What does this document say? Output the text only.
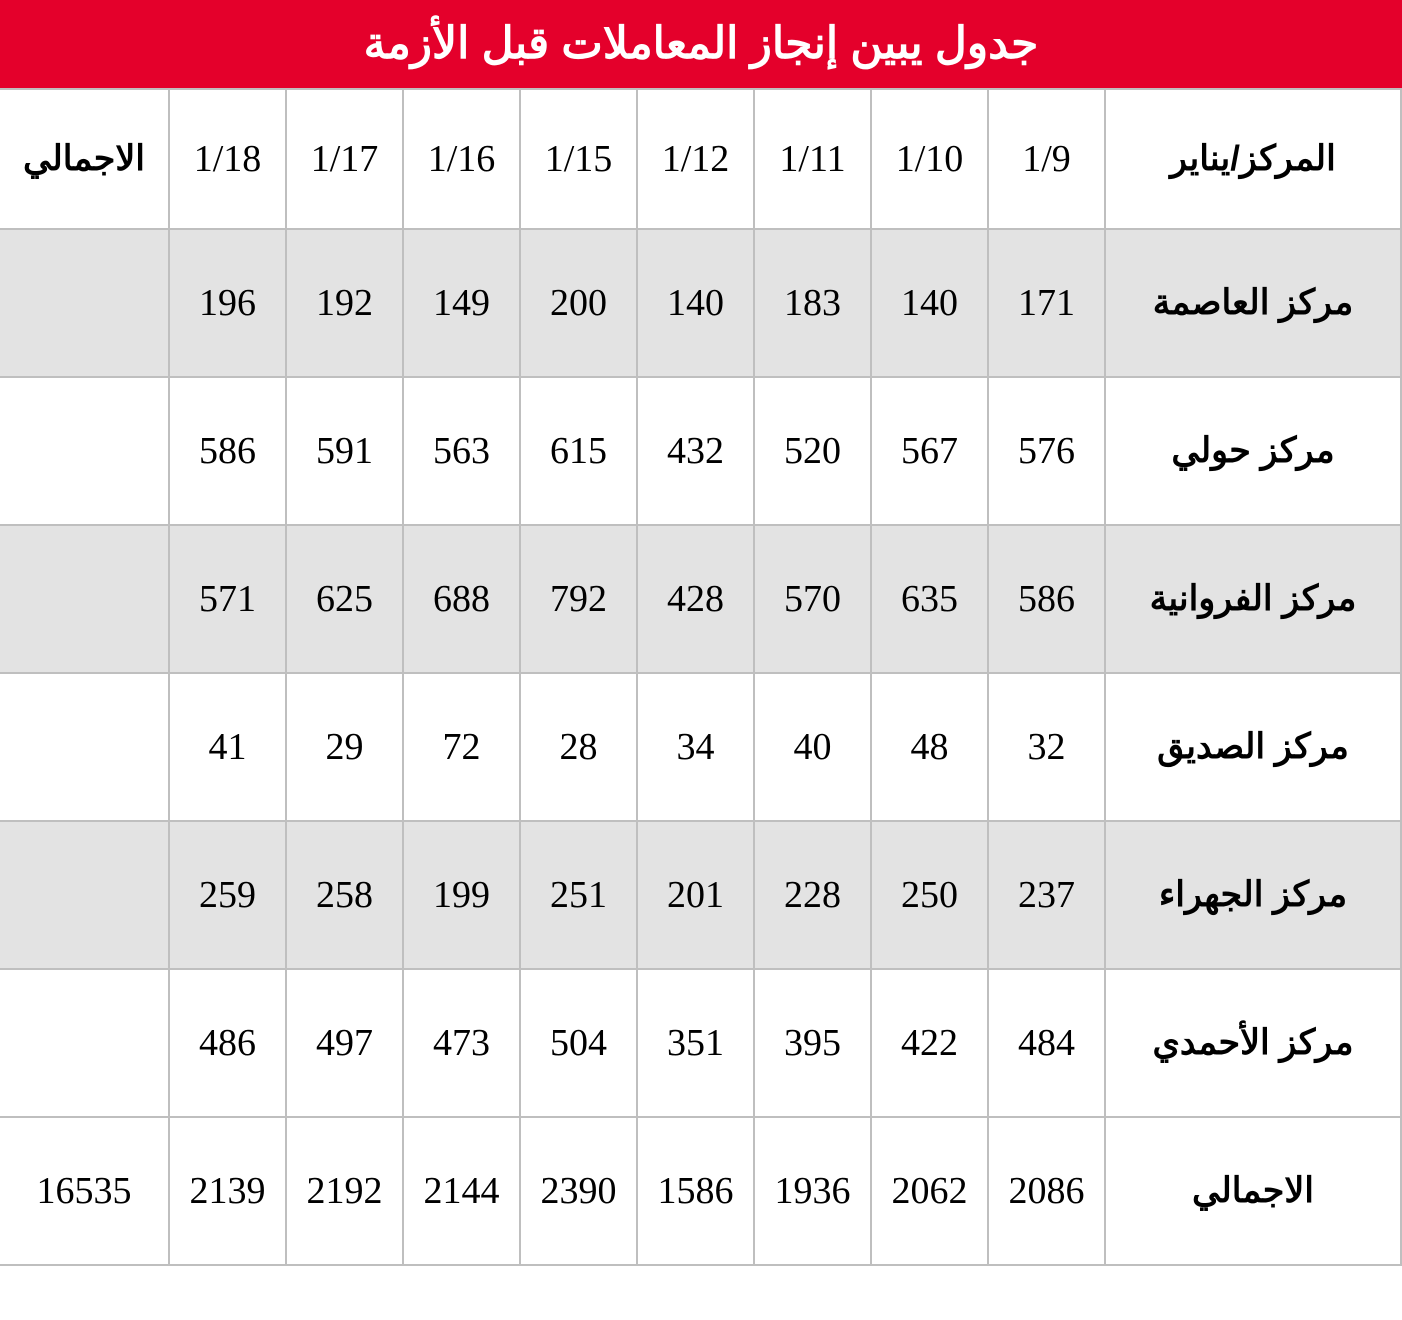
جدول يبين إنجاز المعاملات قبل الأزمة
المركز/يناير	1/9	1/10	1/11	1/12	1/15	1/16	1/17	1/18	الاجمالي
مركز العاصمة	171	140	183	140	200	149	192	196	
مركز حولي	576	567	520	432	615	563	591	586	
مركز الفروانية	586	635	570	428	792	688	625	571	
مركز الصديق	32	48	40	34	28	72	29	41	
مركز الجهراء	237	250	228	201	251	199	258	259	
مركز الأحمدي	484	422	395	351	504	473	497	486	
الاجمالي	2086	2062	1936	1586	2390	2144	2192	2139	16535
